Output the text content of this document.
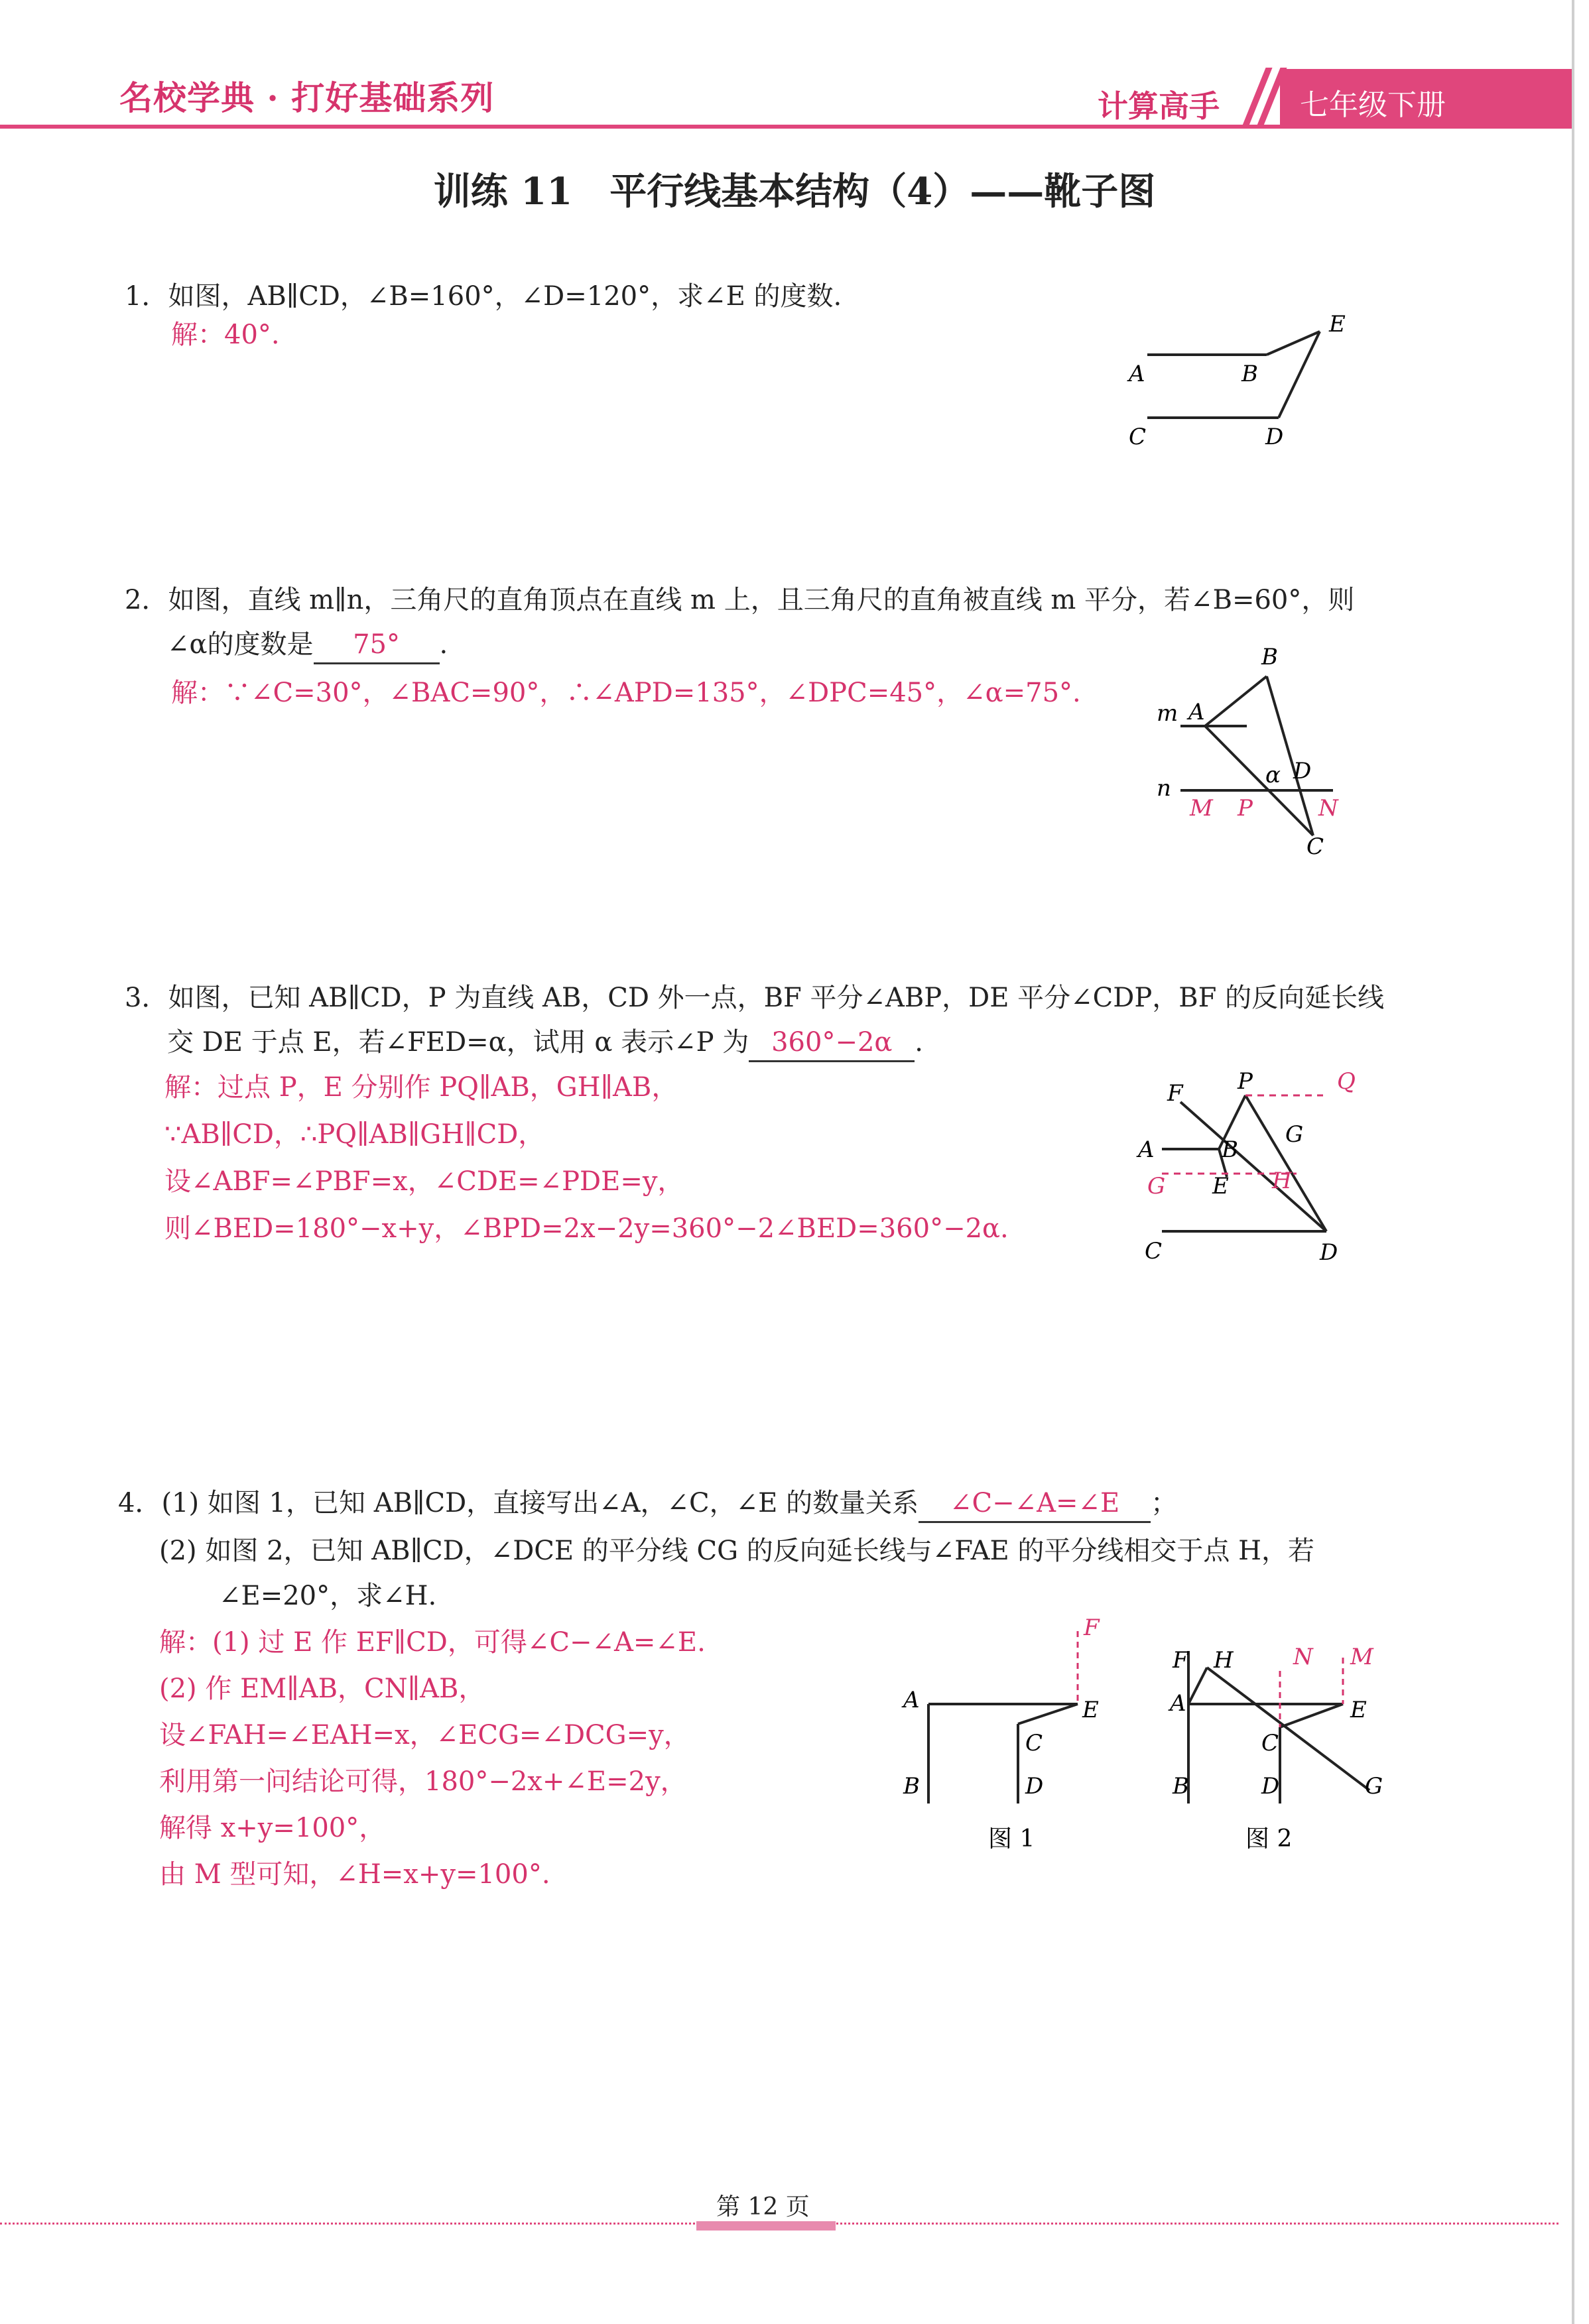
名校学典 · 打好基础系列	计算高手	七年级下册
训练 11　平行线基本结构（4）——靴子图
1．如图，AB∥CD，∠B=160°，∠D=120°，求∠E 的度数.
解：40°.
A	B
C	D
E
2．如图，直线 m∥n，三角尺的直角顶点在直线 m 上，且三角尺的直角被直线 m 平分，若∠B=60°，则
∠α的度数是 75° .
解：∵∠C=30°，∠BAC=90°，∴∠APD=135°，∠DPC=45°，∠α=75°.
m A
B
n
D
α
M P	N
C
3．如图，已知 AB∥CD，P 为直线 AB，CD 外一点，BF 平分∠ABP，DE 平分∠CDP，BF 的反向延长线
交 DE 于点 E，若∠FED=α，试用 α 表示∠P 为 360°−2α .
解：过点 P，E 分别作 PQ∥AB，GH∥AB，
∵AB∥CD，∴PQ∥AB∥GH∥CD，
设∠ABF=∠PBF=x，∠CDE=∠PDE=y，
则∠BED=180°−x+y，∠BPD=2x−2y=360°−2∠BED=360°−2α.
F P	Q
A	B
G
G E H
C	D
4．(1) 如图 1，已知 AB∥CD，直接写出∠A，∠C，∠E 的数量关系 ∠C−∠A=∠E ；
(2) 如图 2，已知 AB∥CD，∠DCE 的平分线 CG 的反向延长线与∠FAE 的平分线相交于点 H，若
∠E=20°，求∠H.
解：(1) 过 E 作 EF∥CD，可得∠C−∠A=∠E.
(2) 作 EM∥AB，CN∥AB，
设∠FAH=∠EAH=x，∠ECG=∠DCG=y，
利用第一问结论可得，180°−2x+∠E=2y，
解得 x+y=100°，
由 M 型可知，∠H=x+y=100°.
A
B
C
D
E
F
图 1
F H	N M
A	E
C
B	D	G
图 2
第 12 页
